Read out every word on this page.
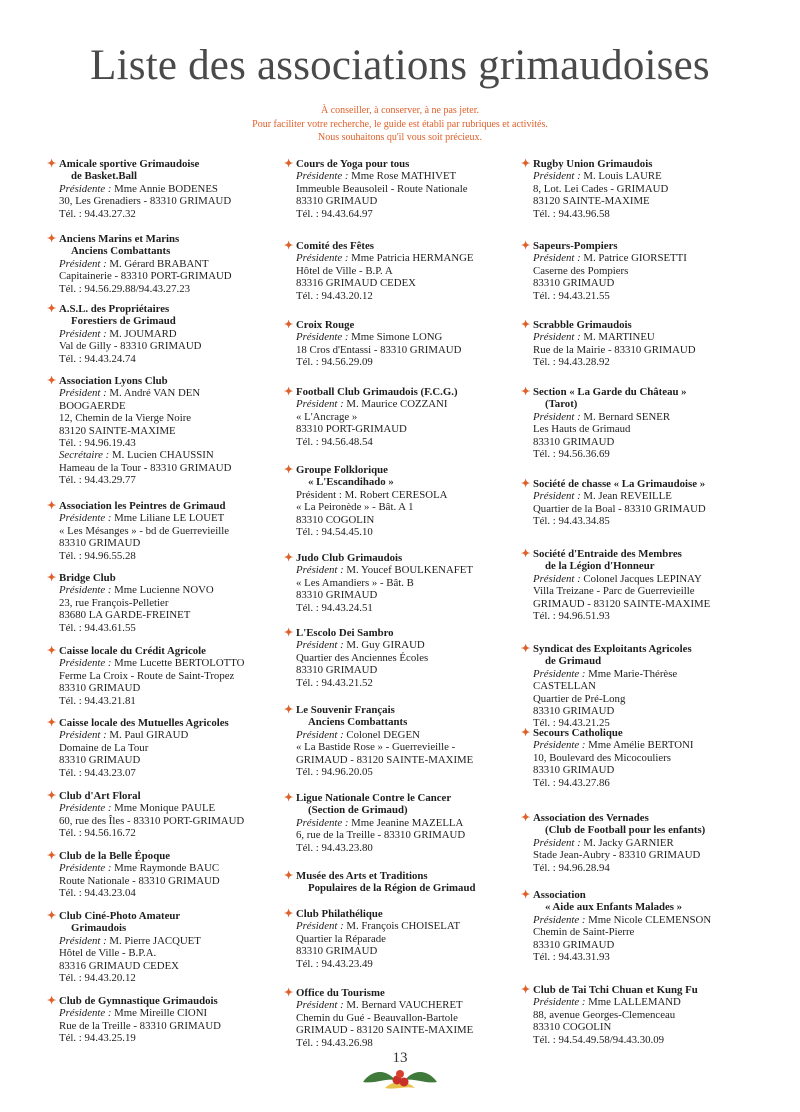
Liste des associations grimaudoises
À conseiller, à conserver, à ne pas jeter.
Pour faciliter votre recherche, le guide est établi par rubriques et activités.
Nous souhaitons qu'il vous soit précieux.
✦ Amicale sportive Grimaudoise
de Basket.Ball
Présidente : Mme Annie BODENES
30, Les Grenadiers - 83310 GRIMAUD
Tél. : 94.43.27.32
✦ Anciens Marins et Marins
Anciens Combattants
Président : M. Gérard BRABANT
Capitainerie - 83310 PORT-GRIMAUD
Tél. : 94.56.29.88/94.43.27.23
✦ A.S.L. des Propriétaires
Forestiers de Grimaud
Président : M. JOUMARD
Val de Gilly - 83310 GRIMAUD
Tél. : 94.43.24.74
✦ Association Lyons Club
Président : M. André VAN DEN
BOOGAERDE
12, Chemin de la Vierge Noire
83120 SAINTE-MAXIME
Tél. : 94.96.19.43
Secrétaire : M. Lucien CHAUSSIN
Hameau de la Tour - 83310 GRIMAUD
Tél. : 94.43.29.77
✦ Association les Peintres de Grimaud
Présidente : Mme Liliane LE LOUET
« Les Mésanges » - bd de Guerrevieille
83310 GRIMAUD
Tél. : 94.96.55.28
✦ Bridge Club
Présidente : Mme Lucienne NOVO
23, rue François-Pelletier
83680 LA GARDE-FREINET
Tél. : 94.43.61.55
✦ Caisse locale du Crédit Agricole
Présidente : Mme Lucette BERTOLOTTO
Ferme La Croix - Route de Saint-Tropez
83310 GRIMAUD
Tél. : 94.43.21.81
✦ Caisse locale des Mutuelles Agricoles
Président : M. Paul GIRAUD
Domaine de La Tour
83310 GRIMAUD
Tél. : 94.43.23.07
✦ Club d'Art Floral
Présidente : Mme Monique PAULE
60, rue des Îles - 83310 PORT-GRIMAUD
Tél. : 94.56.16.72
✦ Club de la Belle Époque
Présidente : Mme Raymonde BAUC
Route Nationale - 83310 GRIMAUD
Tél. : 94.43.23.04
✦ Club Ciné-Photo Amateur
Grimaudois
Président : M. Pierre JACQUET
Hôtel de Ville - B.P.A.
83316 GRIMAUD CEDEX
Tél. : 94.43.20.12
✦ Club de Gymnastique Grimaudois
Présidente : Mme Mireille CIONI
Rue de la Treille - 83310 GRIMAUD
Tél. : 94.43.25.19
✦ Cours de Yoga pour tous
Présidente : Mme Rose MATHIVET
Immeuble Beausoleil - Route Nationale
83310 GRIMAUD
Tél. : 94.43.64.97
✦ Comité des Fêtes
Présidente : Mme Patricia HERMANGE
Hôtel de Ville - B.P. A
83316 GRIMAUD CEDEX
Tél. : 94.43.20.12
✦ Croix Rouge
Présidente : Mme Simone LONG
18 Cros d'Entassi - 83310 GRIMAUD
Tél. : 94.56.29.09
✦ Football Club Grimaudois (F.C.G.)
Président : M. Maurice COZZANI
« L'Ancrage »
83310 PORT-GRIMAUD
Tél. : 94.56.48.54
✦ Groupe Folklorique
« L'Escandihado »
Président : M. Robert CERESOLA
« La Peironède » - Bât. A 1
83310 COGOLIN
Tél. : 94.54.45.10
✦ Judo Club Grimaudois
Président : M. Youcef BOULKENAFET
« Les Amandiers » - Bât. B
83310 GRIMAUD
Tél. : 94.43.24.51
✦ L'Escolo Dei Sambro
Président : M. Guy GIRAUD
Quartier des Anciennes Écoles
83310 GRIMAUD
Tél. : 94.43.21.52
✦ Le Souvenir Français
Anciens Combattants
Président : Colonel DEGEN
« La Bastide Rose » - Guerrevieille -
GRIMAUD - 83120 SAINTE-MAXIME
Tél. : 94.96.20.05
✦ Ligue Nationale Contre le Cancer
(Section de Grimaud)
Présidente : Mme Jeanine MAZELLA
6, rue de la Treille - 83310 GRIMAUD
Tél. : 94.43.23.80
✦ Musée des Arts et Traditions
Populaires de la Région de Grimaud
✦ Club Philathélique
Président : M. François CHOISELAT
Quartier la Réparade
83310 GRIMAUD
Tél. : 94.43.23.49
✦ Office du Tourisme
Président : M. Bernard VAUCHERET
Chemin du Gué - Beauvallon-Bartole
GRIMAUD - 83120 SAINTE-MAXIME
Tél. : 94.43.26.98
✦ Rugby Union Grimaudois
Président : M. Louis LAURE
8, Lot. Lei Cades - GRIMAUD
83120 SAINTE-MAXIME
Tél. : 94.43.96.58
✦ Sapeurs-Pompiers
Président : M. Patrice GIORSETTI
Caserne des Pompiers
83310 GRIMAUD
Tél. : 94.43.21.55
✦ Scrabble Grimaudois
Président : M. MARTINEU
Rue de la Mairie - 83310 GRIMAUD
Tél. : 94.43.28.92
✦ Section « La Garde du Château »
(Tarot)
Président : M. Bernard SENER
Les Hauts de Grimaud
83310 GRIMAUD
Tél. : 94.56.36.69
✦ Société de chasse « La Grimaudoise »
Président : M. Jean REVEILLE
Quartier de la Boal - 83310 GRIMAUD
Tél. : 94.43.34.85
✦ Société d'Entraide des Membres
de la Légion d'Honneur
Président : Colonel Jacques LEPINAY
Villa Treizane - Parc de Guerrevieille
GRIMAUD - 83120 SAINTE-MAXIME
Tél. : 94.96.51.93
✦ Syndicat des Exploitants Agricoles
de Grimaud
Présidente : Mme Marie-Thérèse
CASTELLAN
Quartier de Pré-Long
83310 GRIMAUD
Tél. : 94.43.21.25
✦ Secours Catholique
Présidente : Mme Amélie BERTONI
10, Boulevard des Micocouliers
83310 GRIMAUD
Tél. : 94.43.27.86
✦ Association des Vernades
(Club de Football pour les enfants)
Président : M. Jacky GARNIER
Stade Jean-Aubry - 83310 GRIMAUD
Tél. : 94.96.28.94
✦ Association
« Aide aux Enfants Malades »
Présidente : Mme Nicole CLEMENSON
Chemin de Saint-Pierre
83310 GRIMAUD
Tél. : 94.43.31.93
✦ Club de Tai Tchi Chuan et Kung Fu
Présidente : Mme LALLEMAND
88, avenue Georges-Clemenceau
83310 COGOLIN
Tél. : 94.54.49.58/94.43.30.09
13
